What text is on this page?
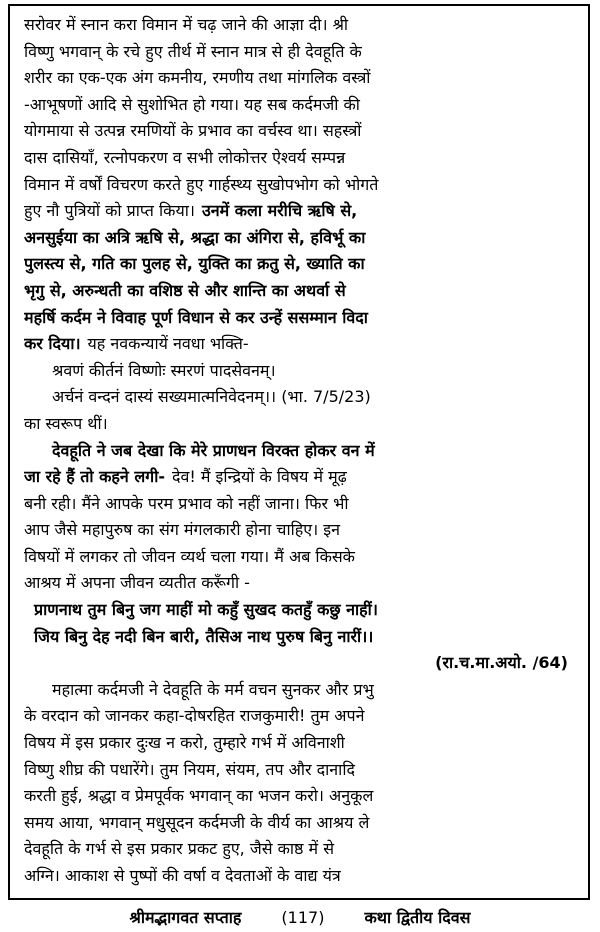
सरोवर में स्नान करा विमान में चढ़ जाने की आज्ञा दी। श्री
विष्णु भगवान् के रचे हुए तीर्थ में स्नान मात्र से ही देवहूति के
शरीर का एक-एक अंग कमनीय, रमणीय तथा मांगलिक वस्त्रों
-आभूषणों आदि से सुशोभित हो गया। यह सब कर्दमजी की
योगमाया से उत्पन्न रमणियों के प्रभाव का वर्चस्व था। सहस्त्रों
दास दासियाँ, रत्नोपकरण व सभी लोकोत्तर ऐश्वर्य सम्पन्न
विमान में वर्षों विचरण करते हुए गार्हस्थ्य सुखोपभोग को भोगते
हुए नौ पुत्रियों को प्राप्त किया। उनमें कला मरीचि ऋषि से,
अनसुईया का अत्रि ऋषि से, श्रद्धा का अंगिरा से, हविर्भू का
पुलस्त्य से, गति का पुलह से, युक्ति का क्रतु से, ख्याति का
भृगु से, अरुन्धती का वशिष्ठ से और शान्ति का अथर्वा से
महर्षि कर्दम ने विवाह पूर्ण विधान से कर उन्हें ससम्मान विदा
कर दिया। यह नवकन्यायें नवधा भक्ति-
श्रवणं कीर्तनं विष्णोः स्मरणं पादसेवनम्।
अर्चनं वन्दनं दास्यं सख्यमात्मनिवेदनम्।। (भा. 7/5/23)
का स्वरूप थीं।
देवहूति ने जब देखा कि मेरे प्राणधन विरक्त होकर वन में
जा रहे हैं तो कहने लगी- देव! मैं इन्द्रियों के विषय में मूढ़
बनी रही। मैंने आपके परम प्रभाव को नहीं जाना। फिर भी
आप जैसे महापुरुष का संग मंगलकारी होना चाहिए। इन
विषयों में लगकर तो जीवन व्यर्थ चला गया। मैं अब किसके
आश्रय में अपना जीवन व्यतीत करूँगी -
प्राणनाथ तुम बिनु जग माहीं मो कहुँ सुखद कतहुँ कछु नाहीं।
जिय बिनु देह नदी बिन बारी, तैसिअ नाथ पुरुष बिनु नारीं।।
(रा.च.मा.अयो. /64)
महात्मा कर्दमजी ने देवहूति के मर्म वचन सुनकर और प्रभु
के वरदान को जानकर कहा-दोषरहित राजकुमारी! तुम अपने
विषय में इस प्रकार दुःख न करो, तुम्हारे गर्भ में अविनाशी
विष्णु शीघ्र की पधारेंगे। तुम नियम, संयम, तप और दानादि
करती हुई, श्रद्धा व प्रेमपूर्वक भगवान् का भजन करो। अनुकूल
समय आया, भगवान् मधुसूदन कर्दमजी के वीर्य का आश्रय ले
देवहूति के गर्भ से इस प्रकार प्रकट हुए, जैसे काष्ठ में से
अग्नि। आकाश से पुष्पों की वर्षा व देवताओं के वाद्य यंत्र
श्रीमद्भागवत सप्ताह	(117)	कथा द्वितीय दिवस
